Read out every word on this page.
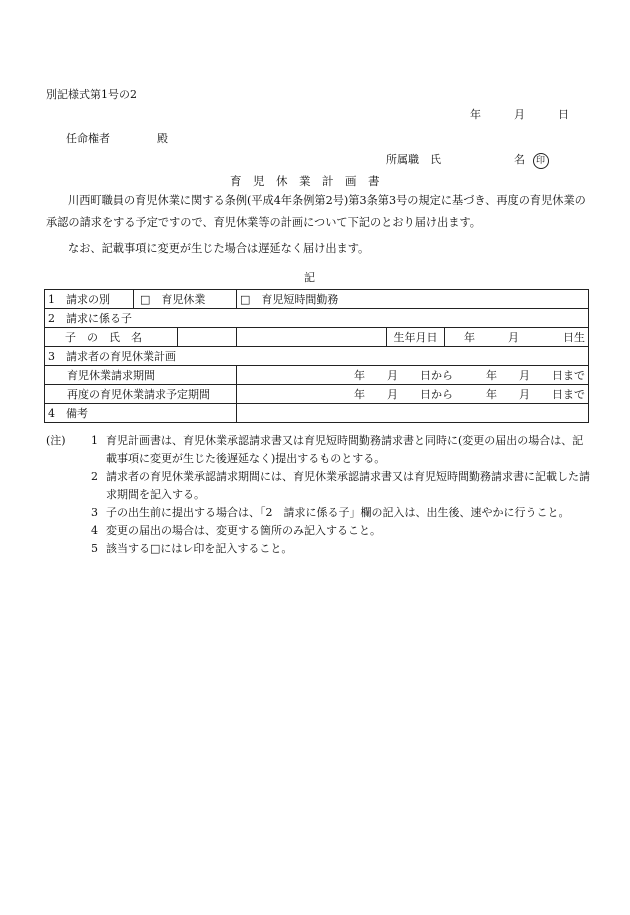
別記様式第1号の2
年	月	日
任命権者	殿
所属職　氏	名 印
育　児　休　業　計　画　書
川西町職員の育児休業に関する条例(平成4年条例第2号)第3条第3号の規定に基づき、再度の育児休業の承認の請求をする予定ですので、育児休業等の計画について下記のとおり届け出ます。
なお、記載事項に変更が生じた場合は遅延なく届け出ます。
記
1　請求の別 □　育児休業	□　育児短時間勤務		
2　請求に係る子			

子　の　氏　名		生年月日	年　　　月　　　　日生
3　請求者の育児休業計画			
育児休業請求期間	年　　月　　日から　　　年　　月　　日まで		
再度の育児休業請求予定期間	年　　月　　日から　　　年　　月　　日まで		
4　備考			
(注)	1 育児計画書は、育児休業承認請求書又は育児短時間勤務請求書と同時に(変更の届出の場合は、記載事項に変更が生じた後遅延なく)提出するものとする。
2 請求者の育児休業承認請求期間には、育児休業承認請求書又は育児短時間勤務請求書に記載した請求期間を記入する。
3 子の出生前に提出する場合は、「2　請求に係る子」欄の記入は、出生後、速やかに行うこと。
4 変更の届出の場合は、変更する箇所のみ記入すること。
5 該当する□にはレ印を記入すること。
